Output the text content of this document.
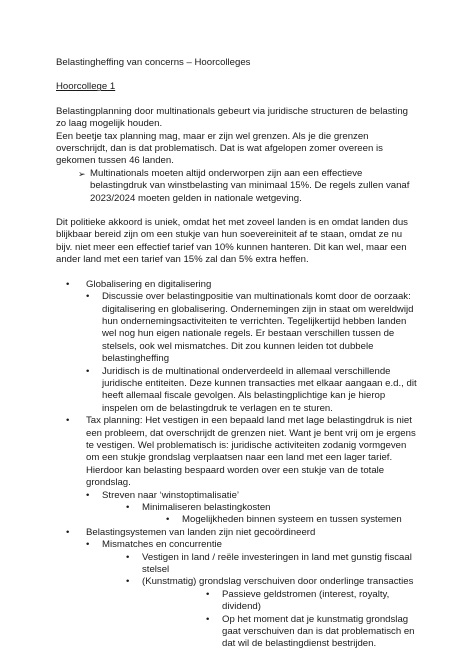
Belastingheffing van concerns – Hoorcolleges

Hoorcollege 1

Belastingplanning door multinationals gebeurt via juridische structuren de belasting zo laag mogelijk houden.

Een beetje tax planning mag, maar er zijn wel grenzen. Als je die grenzen overschrijdt, dan is dat problematisch. Dat is wat afgelopen zomer overeen is gekomen tussen 46 landen.

➢ Multinationals moeten altijd onderworpen zijn aan een effectieve belastingdruk van winstbelasting van minimaal 15%. De regels zullen vanaf 2023/2024 moeten gelden in nationale wetgeving.

Dit politieke akkoord is uniek, omdat het met zoveel landen is en omdat landen dus blijkbaar bereid zijn om een stukje van hun soevereiniteit af te staan, omdat ze nu bijv. niet meer een effectief tarief van 10% kunnen hanteren. Dit kan wel, maar een ander land met een tarief van 15% zal dan 5% extra heffen.

•	Globalisering en digitalisering
•	Discussie over belastingpositie van multinationals komt door de oorzaak: digitalisering en globalisering. Ondernemingen zijn in staat om wereldwijd hun ondernemingsactiviteiten te verrichten. Tegelijkertijd hebben landen wel nog hun eigen nationale regels. Er bestaan verschillen tussen de stelsels, ook wel mismatches. Dit zou kunnen leiden tot dubbele belastingheffing
•	Juridisch is de multinational onderverdeeld in allemaal verschillende juridische entiteiten. Deze kunnen transacties met elkaar aangaan e.d., dit heeft allemaal fiscale gevolgen. Als belastingplichtige kan je hierop inspelen om de belastingdruk te verlagen en te sturen.
•	Tax planning: Het vestigen in een bepaald land met lage belastingdruk is niet een probleem, dat overschrijdt de grenzen niet. Want je bent vrij om je ergens te vestigen. Wel problematisch is: juridische activiteiten zodanig vormgeven om een stukje grondslag verplaatsen naar een land met een lager tarief. Hierdoor kan belasting bespaard worden over een stukje van de totale grondslag.
•	Streven naar ‘winstoptimalisatie’
•	Minimaliseren belastingkosten
•	Mogelijkheden binnen systeem en tussen systemen
•	Belastingsystemen van landen zijn niet gecoördineerd
•	Mismatches en concurrentie
•	Vestigen in land / reële investeringen in land met gunstig fiscaal stelsel
•	(Kunstmatig) grondslag verschuiven door onderlinge transacties
•	Passieve geldstromen (interest, royalty, dividend)
•	Op het moment dat je kunstmatig grondslag gaat verschuiven dan is dat problematisch en dat wil de belastingdienst bestrijden.
